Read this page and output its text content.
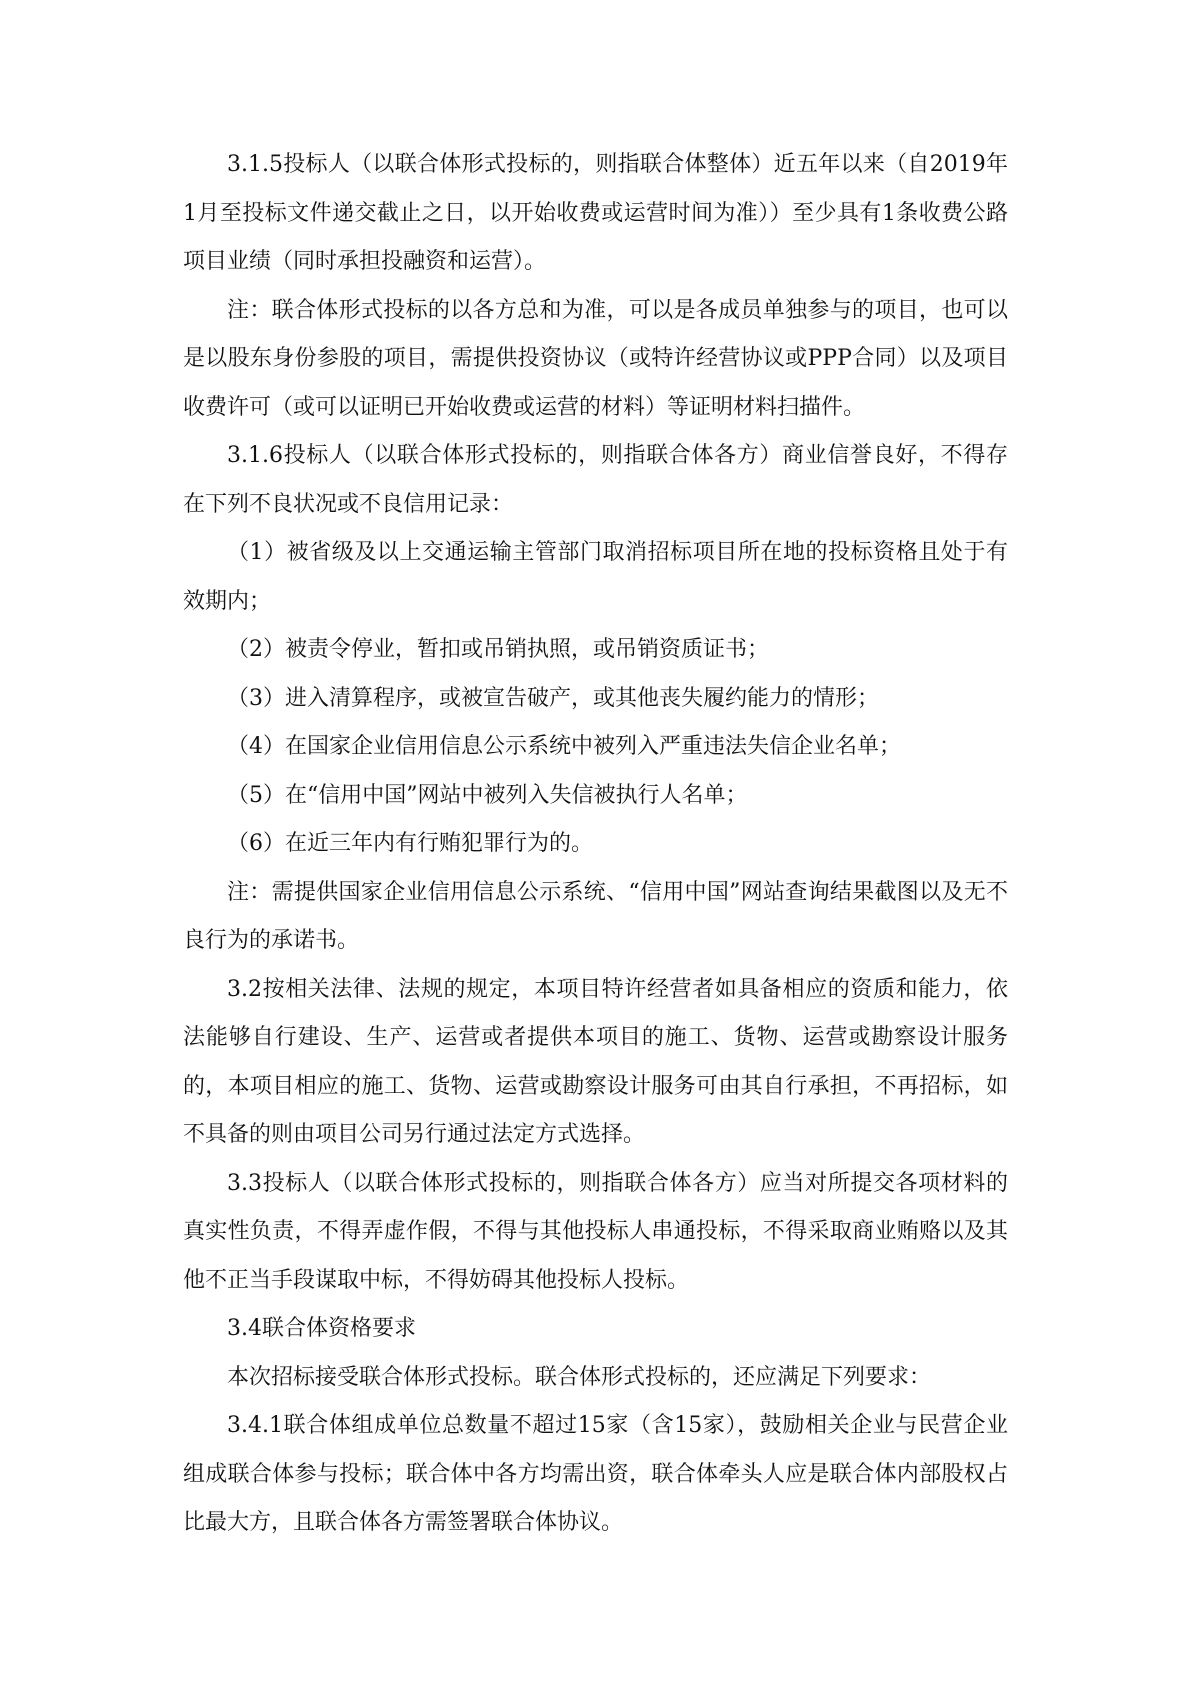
3.1.5投标人（以联合体形式投标的，则指联合体整体）近五年以来（自2019年1月至投标文件递交截止之日，以开始收费或运营时间为准））至少具有1条收费公路项目业绩（同时承担投融资和运营）。

注：联合体形式投标的以各方总和为准，可以是各成员单独参与的项目，也可以是以股东身份参股的项目，需提供投资协议（或特许经营协议或PPP合同）以及项目收费许可（或可以证明已开始收费或运营的材料）等证明材料扫描件。

3.1.6投标人（以联合体形式投标的，则指联合体各方）商业信誉良好，不得存在下列不良状况或不良信用记录：

（1）被省级及以上交通运输主管部门取消招标项目所在地的投标资格且处于有效期内；

（2）被责令停业，暂扣或吊销执照，或吊销资质证书；

（3）进入清算程序，或被宣告破产，或其他丧失履约能力的情形；

（4）在国家企业信用信息公示系统中被列入严重违法失信企业名单；

（5）在“信用中国”网站中被列入失信被执行人名单；

（6）在近三年内有行贿犯罪行为的。

注：需提供国家企业信用信息公示系统、“信用中国”网站查询结果截图以及无不良行为的承诺书。

3.2按相关法律、法规的规定，本项目特许经营者如具备相应的资质和能力，依法能够自行建设、生产、运营或者提供本项目的施工、货物、运营或勘察设计服务的，本项目相应的施工、货物、运营或勘察设计服务可由其自行承担，不再招标，如不具备的则由项目公司另行通过法定方式选择。

3.3投标人（以联合体形式投标的，则指联合体各方）应当对所提交各项材料的真实性负责，不得弄虚作假，不得与其他投标人串通投标，不得采取商业贿赂以及其他不正当手段谋取中标，不得妨碍其他投标人投标。

3.4联合体资格要求

本次招标接受联合体形式投标。联合体形式投标的，还应满足下列要求：

3.4.1联合体组成单位总数量不超过15家（含15家），鼓励相关企业与民营企业组成联合体参与投标；联合体中各方均需出资，联合体牵头人应是联合体内部股权占比最大方，且联合体各方需签署联合体协议。
